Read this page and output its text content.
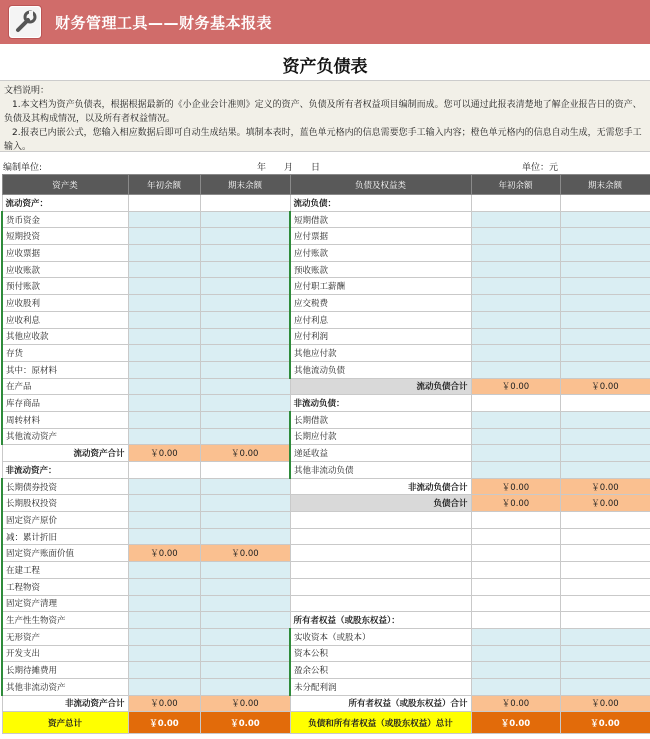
财务管理工具——财务基本报表
资产负债表
文档说明：
1.本文档为资产负债表，根据根据最新的《小企业会计准则》定义的资产、负债及所有者权益项目编制而成。您可以通过此报表清楚地了解企业报告日的资产、负债及其构成情况，以及所有者权益情况。
2.报表已内嵌公式，您输入相应数据后即可自动生成结果。填制本表时，蓝色单元格内的信息需要您手工输入内容；橙色单元格内的信息自动生成，无需您手工输入。
编制单位:	年 月 日	单位：元
资产类	年初余额	期末余额	负债及权益类	年初余额	期末余额
流动资产：			流动负债：		
货币资金			短期借款		
短期投资			应付票据		
应收票据			应付账款		
应收账款			预收账款		
预付账款			应付职工薪酬		
应收股利			应交税费		
应收利息			应付利息		
其他应收款			应付利润		
存货			其他应付款		
其中：原材料			其他流动负债		
在产品			流动负债合计	￥0.00	￥0.00
库存商品			非流动负债：		
周转材料			长期借款		
其他流动资产			长期应付款		
流动资产合计	￥0.00	￥0.00	递延收益		
非流动资产：			其他非流动负债		
长期债券投资			非流动负债合计	￥0.00	￥0.00
长期股权投资			负债合计	￥0.00	￥0.00
固定资产原价					
减：累计折旧					
固定资产账面价值	￥0.00	￥0.00			
在建工程					
工程物资					
固定资产清理					
生产性生物资产			所有者权益（或股东权益）：		
无形资产			实收资本（或股本）		
开发支出			资本公积		
长期待摊费用			盈余公积		
其他非流动资产			未分配利润		
非流动资产合计	￥0.00	￥0.00	所有者权益（或股东权益）合计	￥0.00	￥0.00
资产总计	￥0.00	￥0.00	负债和所有者权益（或股东权益）总计	￥0.00	￥0.00
